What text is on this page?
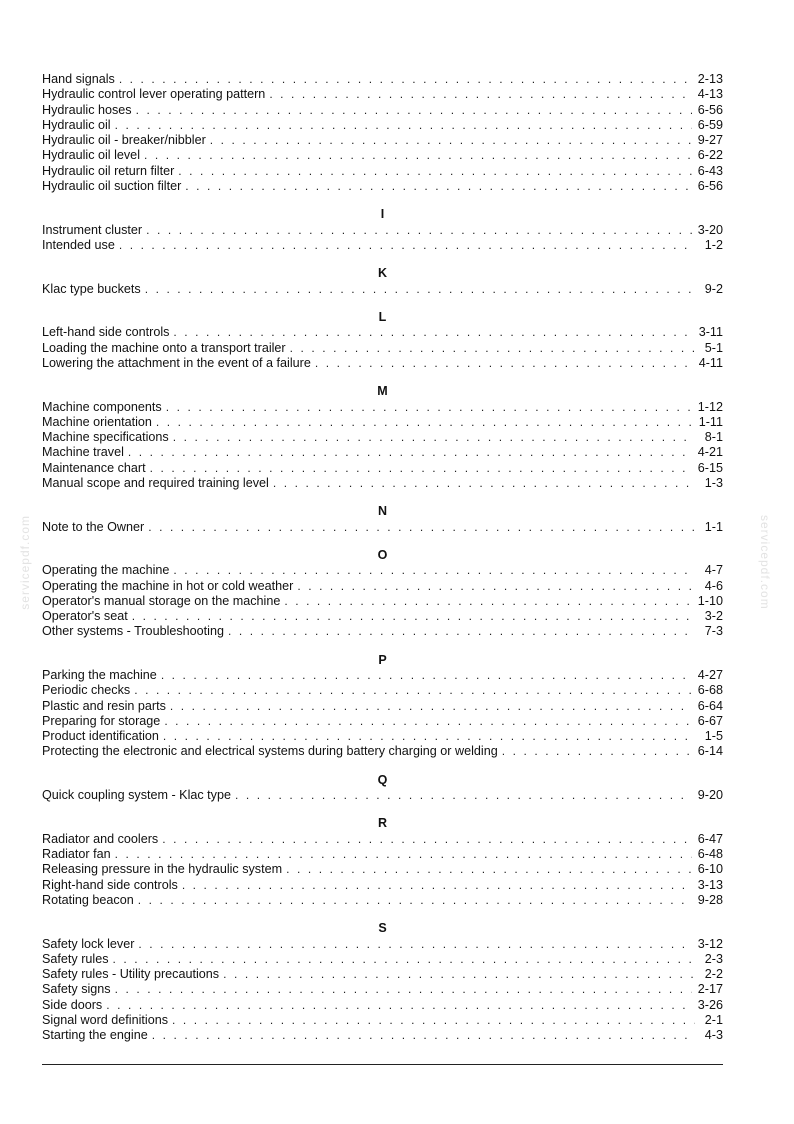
servicepdf.com	servicepdf.com
Hand signals . . .	2-13
Hydraulic control lever operating pattern . . .	4-13
Hydraulic hoses . . .	6-56
Hydraulic oil . . .	6-59
Hydraulic oil - breaker/nibbler . . .	9-27
Hydraulic oil level . . .	6-22
Hydraulic oil return filter . . .	6-43
Hydraulic oil suction filter . . .	6-56
I
Instrument cluster . . .	3-20
Intended use . . .	1-2
K
Klac type buckets . . .	9-2
L
Left-hand side controls . . .	3-11
Loading the machine onto a transport trailer . . .	5-1
Lowering the attachment in the event of a failure . . .	4-11
M
Machine components . . .	1-12
Machine orientation . . .	1-11
Machine specifications . . .	8-1
Machine travel . . .	4-21
Maintenance chart . . .	6-15
Manual scope and required training level . . .	1-3
N
Note to the Owner . . .	1-1
O
Operating the machine . . .	4-7
Operating the machine in hot or cold weather . . .	4-6
Operator's manual storage on the machine . . .	1-10
Operator's seat . . .	3-2
Other systems - Troubleshooting . . .	7-3
P
Parking the machine . . .	4-27
Periodic checks . . .	6-68
Plastic and resin parts . . .	6-64
Preparing for storage . . .	6-67
Product identification . . .	1-5
Protecting the electronic and electrical systems during battery charging or welding . . .	6-14
Q
Quick coupling system - Klac type . . .	9-20
R
Radiator and coolers . . .	6-47
Radiator fan . . .	6-48
Releasing pressure in the hydraulic system . . .	6-10
Right-hand side controls . . .	3-13
Rotating beacon . . .	9-28
S
Safety lock lever . . .	3-12
Safety rules . . .	2-3
Safety rules - Utility precautions . . .	2-2
Safety signs . . .	2-17
Side doors . . .	3-26
Signal word definitions . . .	2-1
Starting the engine . . .	4-3
